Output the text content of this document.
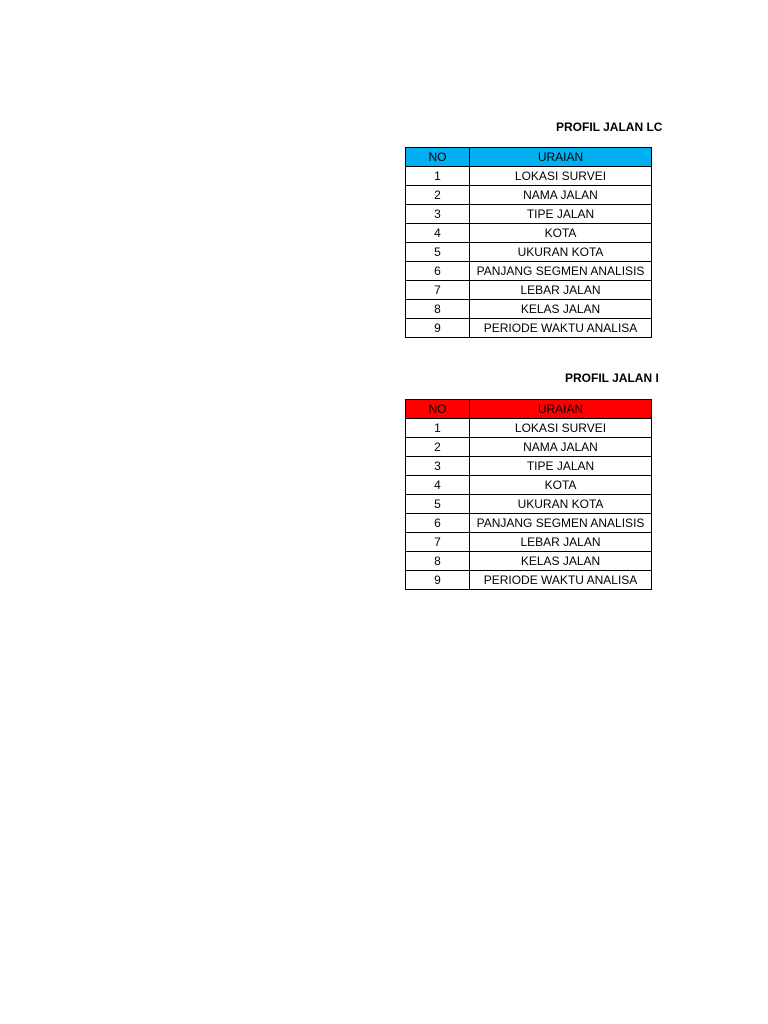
PROFIL JALAN LC
NO	URAIAN
1	LOKASI SURVEI
2	NAMA JALAN
3	TIPE JALAN
4	KOTA
5	UKURAN KOTA
6	PANJANG SEGMEN ANALISIS
7	LEBAR JALAN
8	KELAS JALAN
9	PERIODE WAKTU ANALISA
PROFIL JALAN I
NO	URAIAN
1	LOKASI SURVEI
2	NAMA JALAN
3	TIPE JALAN
4	KOTA
5	UKURAN KOTA
6	PANJANG SEGMEN ANALISIS
7	LEBAR JALAN
8	KELAS JALAN
9	PERIODE WAKTU ANALISA
